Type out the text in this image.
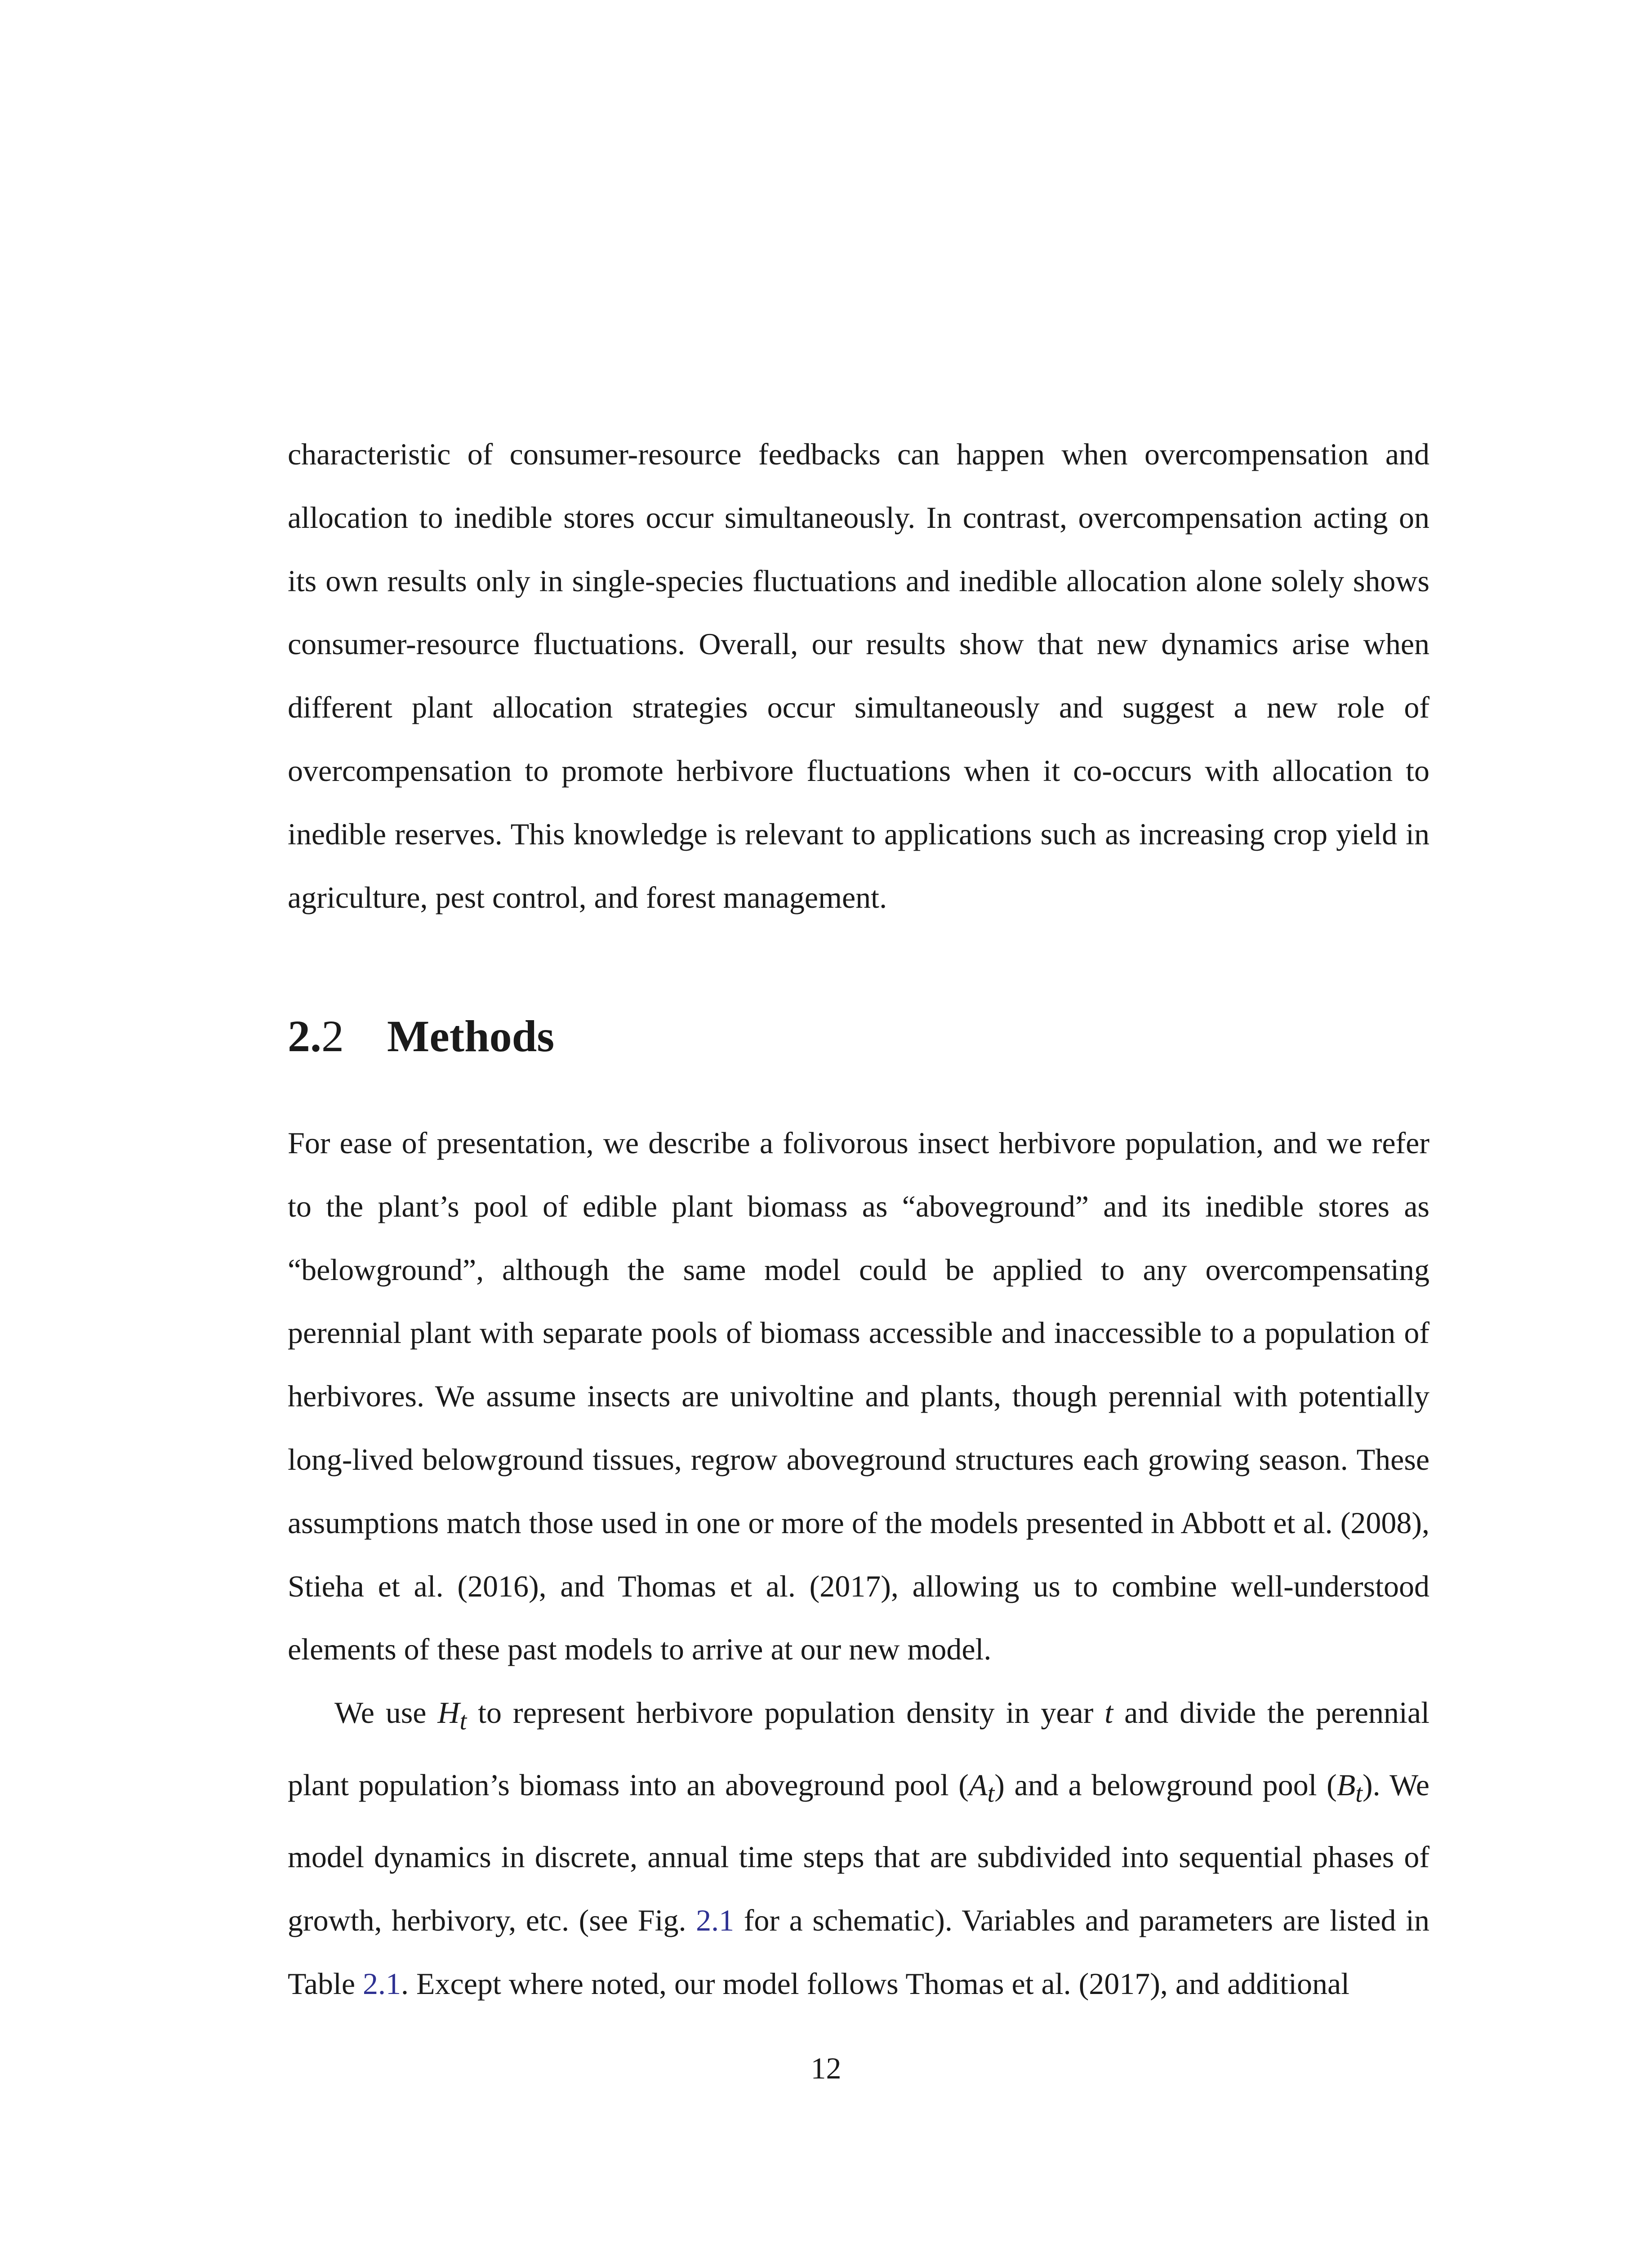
characteristic of consumer-resource feedbacks can happen when overcompensation and allocation to inedible stores occur simultaneously. In contrast, overcompensation acting on its own results only in single-species fluctuations and inedible allocation alone solely shows consumer-resource fluctuations. Overall, our results show that new dynamics arise when different plant allocation strategies occur simultaneously and suggest a new role of overcompensation to promote herbivore fluctuations when it co-occurs with allocation to inedible reserves. This knowledge is relevant to applications such as increasing crop yield in agriculture, pest control, and forest management.

2.2 Methods

For ease of presentation, we describe a folivorous insect herbivore population, and we refer to the plant’s pool of edible plant biomass as “aboveground” and its inedible stores as “belowground”, although the same model could be applied to any overcompensating perennial plant with separate pools of biomass accessible and inaccessible to a population of herbivores. We assume insects are univoltine and plants, though perennial with potentially long-lived belowground tissues, regrow aboveground structures each growing season. These assumptions match those used in one or more of the models presented in Abbott et al. (2008), Stieha et al. (2016), and Thomas et al. (2017), allowing us to combine well-understood elements of these past models to arrive at our new model.

We use $H_t$ to represent herbivore population density in year t and divide the perennial plant population’s biomass into an aboveground pool $(A_t)$ and a belowground pool $(B_t)$. We model dynamics in discrete, annual time steps that are subdivided into sequential phases of growth, herbivory, etc. (see Fig. 2.1 for a schematic). Variables and parameters are listed in Table 2.1. Except where noted, our model follows Thomas et al. (2017), and additional

12
